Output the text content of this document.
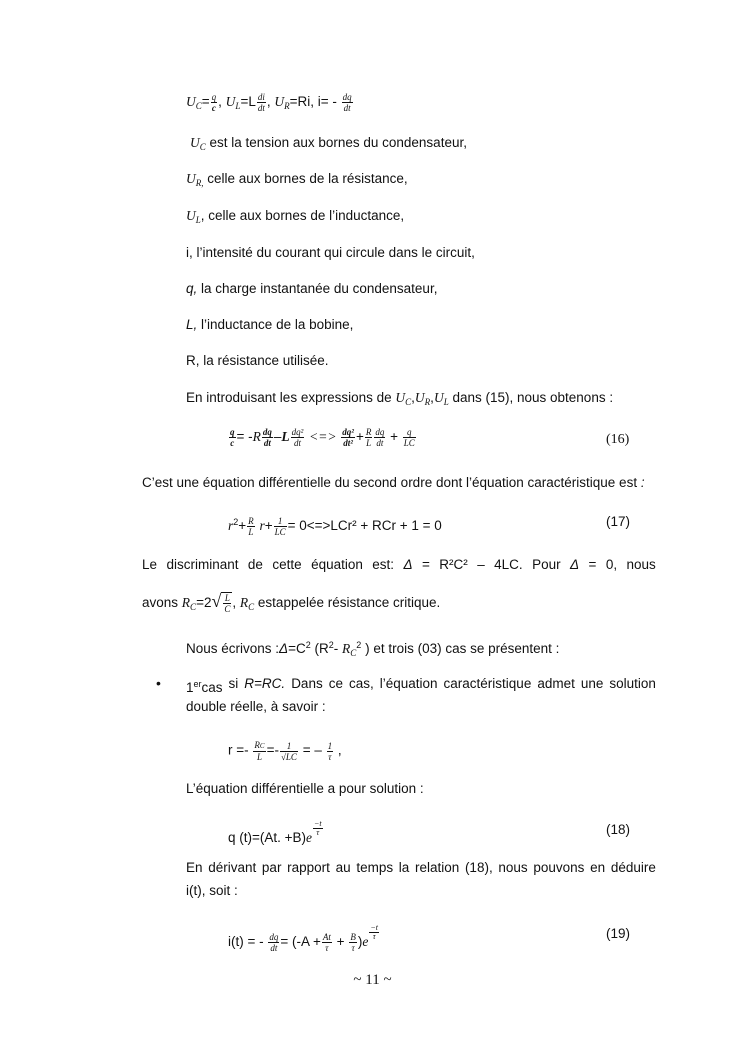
$U_C= \frac{q}{c}$ , $U_L=L \frac{di}{dt}$ , $U_R=Ri$, $i= - \frac{dq}{dt}$
$U_C$ est la tension aux bornes du condensateur,
$U_{R,}$ celle aux bornes de la résistance,
$U_L$, celle aux bornes de l’inductance,
i, l’intensité du courant qui circule dans le circuit,
q, la charge instantanée du condensateur,
L, l’inductance de la bobine,
R, la résistance utilisée.
En introduisant les expressions de $U_C,U_R,U_L$ dans (15), nous obtenons :
$\frac{q}{c} = -R \frac{dq}{dt} -L \frac{\text{dq²}}{dt}$ <=> $\frac{\text{dq²}}{\text{dt²}} + \frac{R}{L} \frac{dq}{dt} + \frac{q}{LC}$	(16)
C’est une équation différentielle du second ordre dont l’équation caractéristique est :
$r^2+ \frac{R}{L} r+ \frac{1}{LC} = 0<=>LCr^2$ + RCr + 1 = 0	(17)
Le discriminant de cette équation est: Δ = R²C² – 4LC. Pour Δ = 0, nous
avons $R_C=2√ \frac{L}{C}$ , $R_C$ estappelée résistance critique.
Nous écrivons $:\Delta=C^2$ ($R^2-$ $R_C^2$ ) et trois (03) cas se présentent :
• 1ercas si R=RC. Dans ce cas, l’équation caractéristique admet une solution
double réelle, à savoir :
$r =- \frac{RC}{L} =- \frac{1}{√LC}$ = – $\frac{1}{\tau}$ ,
L’équation différentielle a pour solution :
q (t)=(At. +B)e
$\frac{-t}{\tau}$	(18)
En dérivant par rapport au temps la relation (18), nous pouvons en déduire
i(t), soit :
i(t) = - $\frac{dq}{dt} = (-A + \frac{At}{\tau} + \frac{B}{\tau} )e$
$\frac{-t}{\tau}$	(19)
~ 11 ~
